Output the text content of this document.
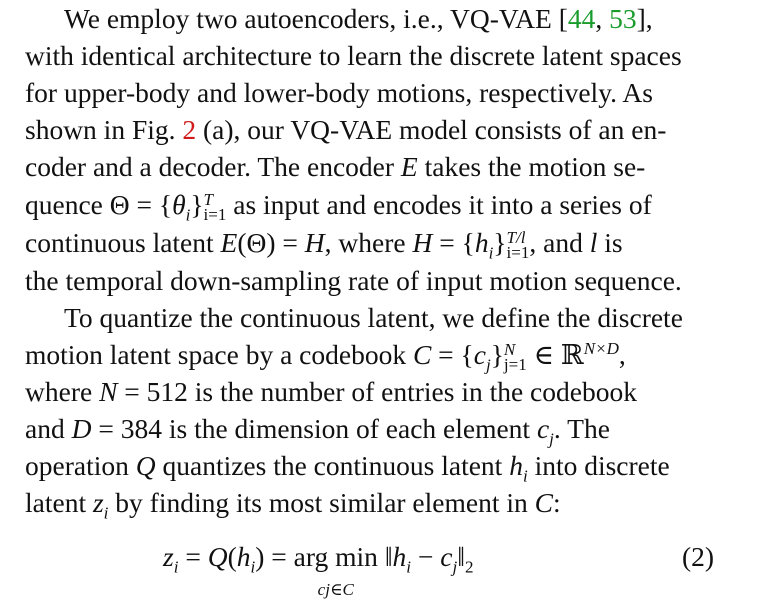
We employ two autoencoders, i.e., VQ-VAE [44, 53],
with identical architecture to learn the discrete latent spaces
for upper-body and lower-body motions, respectively. As
shown in Fig. 2 (a), our VQ-VAE model consists of an en-
coder and a decoder. The encoder E takes the motion se-
quence $\Theta = \{\theta_i\}$ T
i=1 as input and encodes it into a series of
continuous latent E(Θ) = H, where $H = \{h_i\}$ T/l
i=1 , and l is
the temporal down-sampling rate of input motion sequence.
To quantize the continuous latent, we define the discrete
motion latent space by a codebook $C = \{c_j\}$ N
j=1 ∈ ℝ$^{N\times D}$,
where N = 512 is the number of entries in the codebook
and D = 384 is the dimension of each element $c_j$. The
operation Q quantizes the continuous latent $h_i$ into discrete
latent $z_i$ by finding its most similar element in C:
$z_i = Q(h_i)$ = arg min
cj∈C
$‖h_i$ − $c_j‖_2$	(2)
